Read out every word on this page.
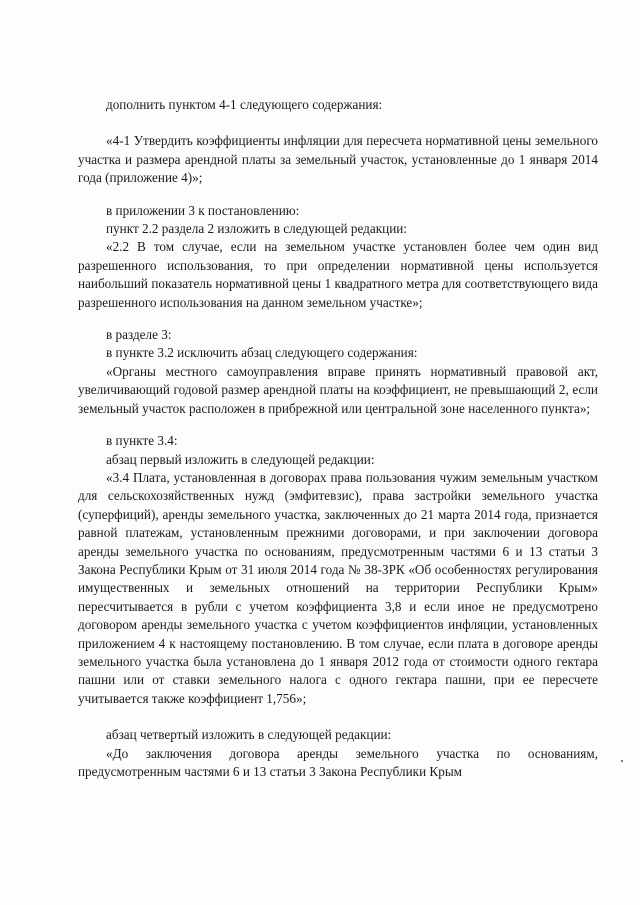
дополнить пунктом 4-1 следующего содержания:

«4-1 Утвердить коэффициенты инфляции для пересчета нормативной цены земельного участка и размера арендной платы за земельный участок, установленные до 1 января 2014 года (приложение 4)»;

в приложении 3 к постановлению:

пункт 2.2 раздела 2 изложить в следующей редакции:

«2.2 В том случае, если на земельном участке установлен более чем один вид разрешенного использования, то при определении нормативной цены используется наибольший показатель нормативной цены 1 квадратного метра для соответствующего вида разрешенного использования на данном земельном участке»;

в разделе 3:

в пункте 3.2 исключить абзац следующего содержания:

«Органы местного самоуправления вправе принять нормативный правовой акт, увеличивающий годовой размер арендной платы на коэффициент, не превышающий 2, если земельный участок расположен в прибрежной или центральной зоне населенного пункта»;

в пункте 3.4:

абзац первый изложить в следующей редакции:

«3.4 Плата, установленная в договорах права пользования чужим земельным участком для сельскохозяйственных нужд (эмфитевзис), права застройки земельного участка (суперфиций), аренды земельного участка, заключенных до 21 марта 2014 года, признается равной платежам, установленным прежними договорами, и при заключении договора аренды земельного участка по основаниям, предусмотренным частями 6 и 13 статьи 3 Закона Республики Крым от 31 июля 2014 года № 38-ЗРК «Об особенностях регулирования имущественных и земельных отношений на территории Республики Крым» пересчитывается в рубли с учетом коэффициента 3,8 и если иное не предусмотрено договором аренды земельного участка с учетом коэффициентов инфляции, установленных приложением 4 к настоящему постановлению. В том случае, если плата в договоре аренды земельного участка была установлена до 1 января 2012 года от стоимости одного гектара пашни или от ставки земельного налога с одного гектара пашни, при ее пересчете учитывается также коэффициент 1,756»;

абзац четвертый изложить в следующей редакции:

«До заключения договора аренды земельного участка по основаниям, предусмотренным частями 6 и 13 статьи 3 Закона Республики Крым
